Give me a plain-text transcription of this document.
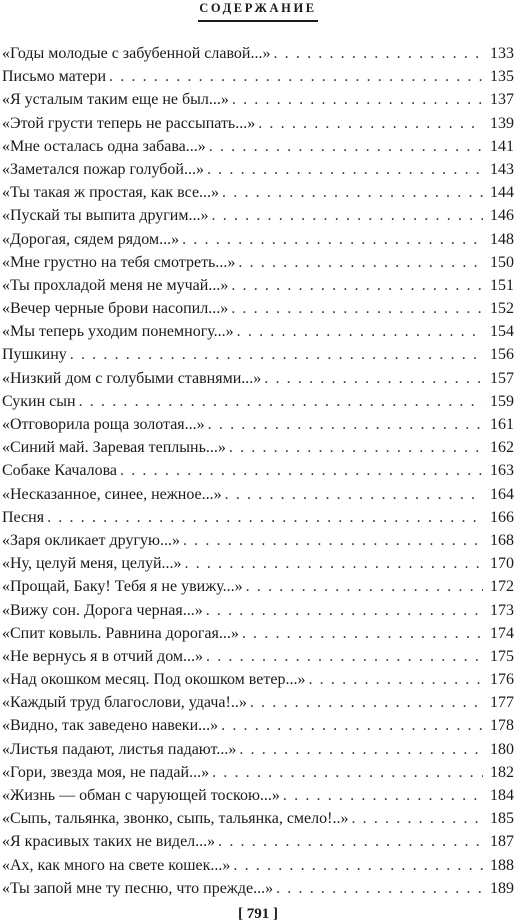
СОДЕРЖАНИЕ
«Годы молодые с забубенной славой...» . . .	133
Письмо матери . . .	135
«Я усталым таким еще не был...» . . .	137
«Этой грусти теперь не рассыпать...» . . .	139
«Мне осталась одна забава...» . . .	141
«Заметался пожар голубой...» . . .	143
«Ты такая ж простая, как все...» . . .	144
«Пускай ты выпита другим...» . . .	146
«Дорогая, сядем рядом...» . . .	148
«Мне грустно на тебя смотреть...» . . .	150
«Ты прохладой меня не мучай...» . . .	151
«Вечер черные брови насопил...» . . .	152
«Мы теперь уходим понемногу...» . . .	154
Пушкину . . .	156
«Низкий дом с голубыми ставнями...» . . .	157
Сукин сын . . .	159
«Отговорила роща золотая...» . . .	161
«Синий май. Заревая теплынь...» . . .	162
Собаке Качалова . . .	163
«Несказанное, синее, нежное...» . . .	164
Песня . . .	166
«Заря окликает другую...» . . .	168
«Ну, целуй меня, целуй...» . . .	170
«Прощай, Баку! Тебя я не увижу...» . . .	172
«Вижу сон. Дорога черная...» . . .	173
«Спит ковыль. Равнина дорогая...» . . .	174
«Не вернусь я в отчий дом...» . . .	175
«Над окошком месяц. Под окошком ветер...» . . .	176
«Каждый труд благослови, удача!..» . . .	177
«Видно, так заведено навеки...» . . .	178
«Листья падают, листья падают...» . . .	180
«Гори, звезда моя, не падай...» . . .	182
«Жизнь — обман с чарующей тоскою...» . . .	184
«Сыпь, тальянка, звонко, сыпь, тальянка, смело!..» . . .	185
«Я красивых таких не видел...» . . .	187
«Ах, как много на свете кошек...» . . .	188
«Ты запой мне ту песню, что прежде...» . . .	189
[ 791 ]
